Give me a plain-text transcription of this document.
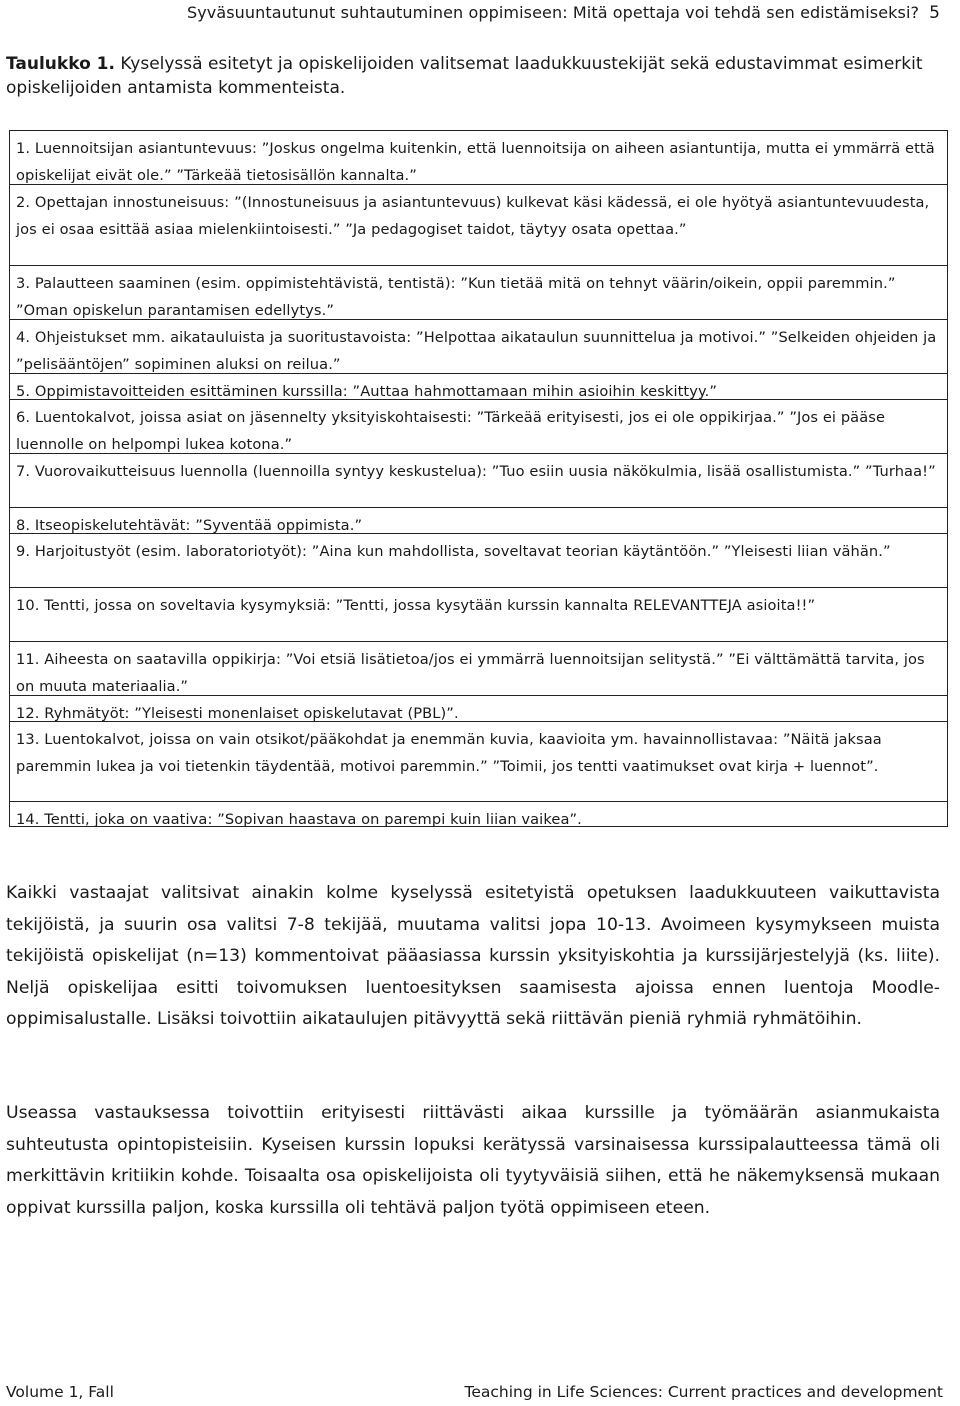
Syväsuuntautunut suhtautuminen oppimiseen: Mitä opettaja voi tehdä sen edistämiseksi? 5
Taulukko 1. Kyselyssä esitetyt ja opiskelijoiden valitsemat laadukkuustekijät sekä edustavimmat esimerkit opiskelijoiden antamista kommenteista.
1. Luennoitsijan asiantuntevuus: ”Joskus ongelma kuitenkin, että luennoitsija on aiheen asiantuntija, mutta ei ymmärrä että opiskelijat eivät ole.” ”Tärkeää tietosisällön kannalta.”
2. Opettajan innostuneisuus: ”(Innostuneisuus ja asiantuntevuus) kulkevat käsi kädessä, ei ole hyötyä asiantuntevuudesta, jos ei osaa esittää asiaa mielenkiintoisesti.” ”Ja pedagogiset taidot, täytyy osata opettaa.”
3. Palautteen saaminen (esim. oppimistehtävistä, tentistä): ”Kun tietää mitä on tehnyt väärin/oikein, oppii paremmin.” ”Oman opiskelun parantamisen edellytys.”
4. Ohjeistukset mm. aikatauluista ja suoritustavoista: ”Helpottaa aikataulun suunnittelua ja motivoi.” ”Selkeiden ohjeiden ja ”pelisääntöjen” sopiminen aluksi on reilua.”
5. Oppimistavoitteiden esittäminen kurssilla: ”Auttaa hahmottamaan mihin asioihin keskittyy.”
6. Luentokalvot, joissa asiat on jäsennelty yksityiskohtaisesti: ”Tärkeää erityisesti, jos ei ole oppikirjaa.” ”Jos ei pääse luennolle on helpompi lukea kotona.”
7. Vuorovaikutteisuus luennolla (luennoilla syntyy keskustelua): ”Tuo esiin uusia näkökulmia, lisää osallistumista.” ”Turhaa!”
8. Itseopiskelutehtävät: ”Syventää oppimista.”
9. Harjoitustyöt (esim. laboratoriotyöt): ”Aina kun mahdollista, soveltavat teorian käytäntöön.” ”Yleisesti liian vähän.”
10. Tentti, jossa on soveltavia kysymyksiä: ”Tentti, jossa kysytään kurssin kannalta RELEVANTTEJA asioita!!”
11. Aiheesta on saatavilla oppikirja: ”Voi etsiä lisätietoa/jos ei ymmärrä luennoitsijan selitystä.” ”Ei välttämättä tarvita, jos on muuta materiaalia.”
12. Ryhmätyöt: ”Yleisesti monenlaiset opiskelutavat (PBL)”.
13. Luentokalvot, joissa on vain otsikot/pääkohdat ja enemmän kuvia, kaavioita ym. havainnollistavaa: ”Näitä jaksaa paremmin lukea ja voi tietenkin täydentää, motivoi paremmin.” ”Toimii, jos tentti vaatimukset ovat kirja + luennot”.
14. Tentti, joka on vaativa: ”Sopivan haastava on parempi kuin liian vaikea”.
Kaikki vastaajat valitsivat ainakin kolme kyselyssä esitetyistä opetuksen laadukkuuteen vaikuttavista tekijöistä, ja suurin osa valitsi 7-8 tekijää, muutama valitsi jopa 10-13. Avoimeen kysymykseen muista tekijöistä opiskelijat (n=13) kommentoivat pääasiassa kurssin yksityiskohtia ja kurssijärjestelyjä (ks. liite). Neljä opiskelijaa esitti toivomuksen luentoesityksen saamisesta ajoissa ennen luentoja Moodle-oppimisalustalle. Lisäksi toivottiin aikataulujen pitävyyttä sekä riittävän pieniä ryhmiä ryhmätöihin.
Useassa vastauksessa toivottiin erityisesti riittävästi aikaa kurssille ja työmäärän asianmukaista suhteutusta opintopisteisiin. Kyseisen kurssin lopuksi kerätyssä varsinaisessa kurssipalautteessa tämä oli merkittävin kritiikin kohde. Toisaalta osa opiskelijoista oli tyytyväisiä siihen, että he näkemyksensä mukaan oppivat kurssilla paljon, koska kurssilla oli tehtävä paljon työtä oppimiseen eteen.
Volume 1, Fall	Teaching in Life Sciences: Current practices and development
